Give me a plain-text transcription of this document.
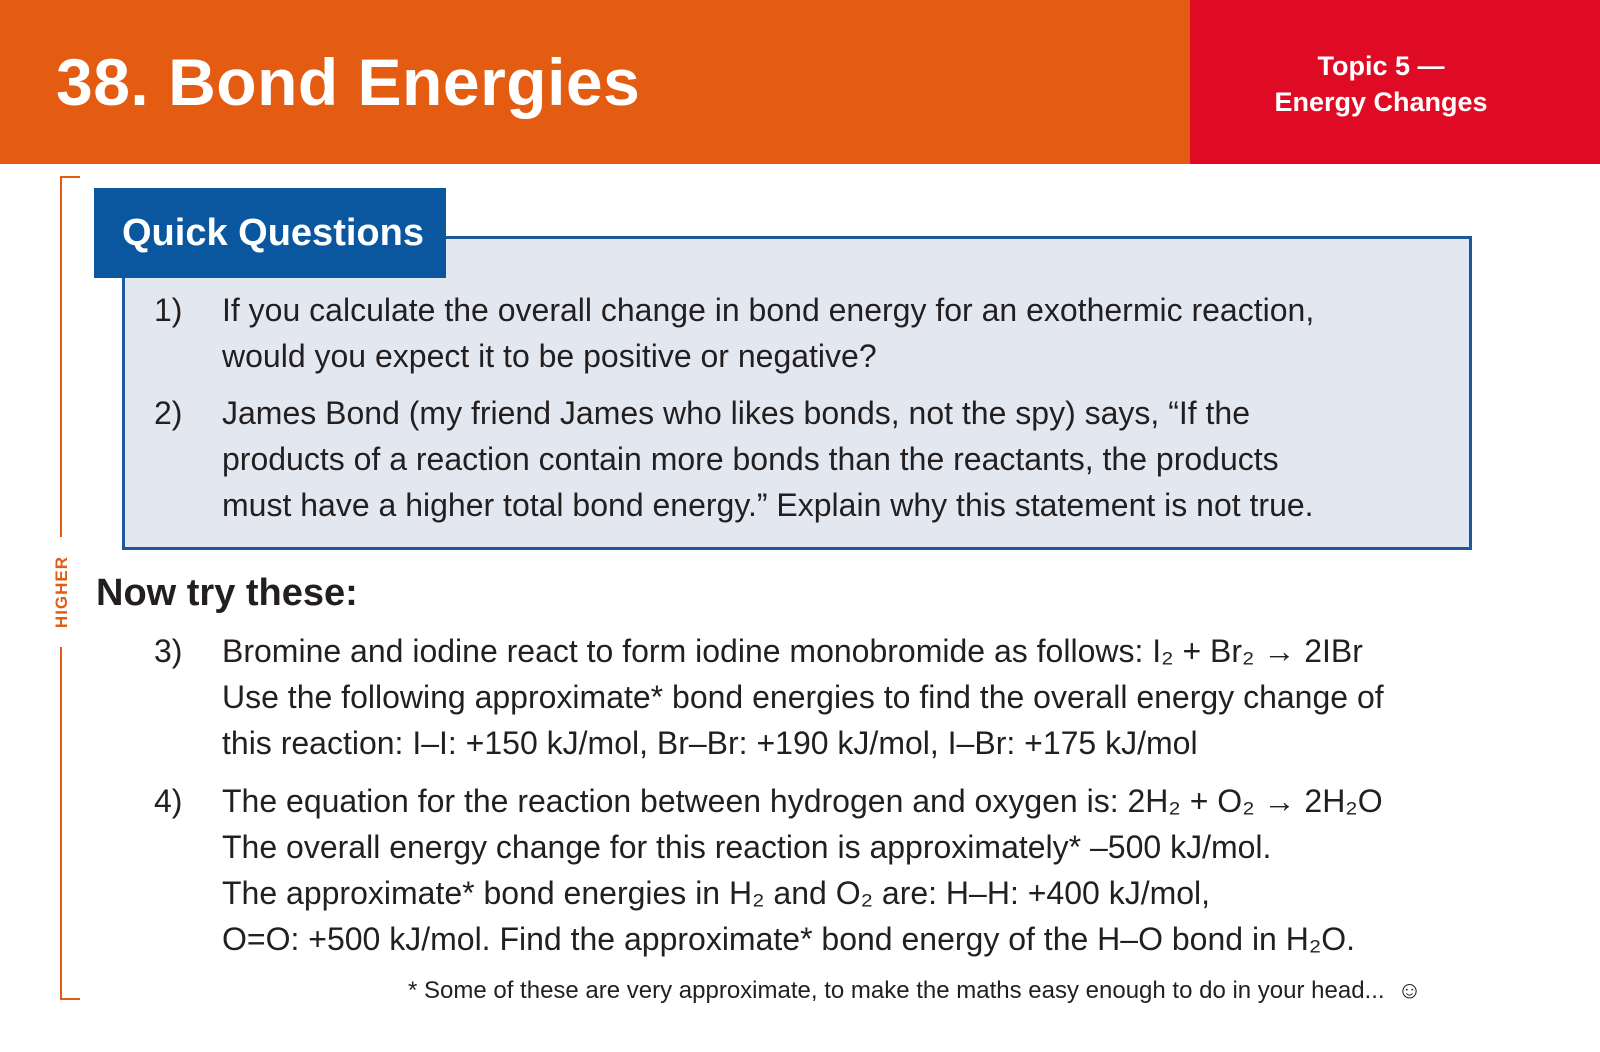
38. Bond Energies	Topic 5 —
Energy Changes
HIGHER
Quick Questions
1) If you calculate the overall change in bond energy for an exothermic reaction,
would you expect it to be positive or negative?
2) James Bond (my friend James who likes bonds, not the spy) says, “If the
products of a reaction contain more bonds than the reactants, the products
must have a higher total bond energy.” Explain why this statement is not true.
Now try these:
3) Bromine and iodine react to form iodine monobromide as follows: I₂ + Br₂ → 2IBr
Use the following approximate* bond energies to find the overall energy change of
this reaction: I–I: +150 kJ/mol, Br–Br: +190 kJ/mol, I–Br: +175 kJ/mol
4) The equation for the reaction between hydrogen and oxygen is: 2H₂ + O₂ → 2H₂O
The overall energy change for this reaction is approximately* –500 kJ/mol.
The approximate* bond energies in H₂ and O₂ are: H–H: +400 kJ/mol,
O=O: +500 kJ/mol. Find the approximate* bond energy of the H–O bond in H₂O.
* Some of these are very approximate, to make the maths easy enough to do in your head... ☺
